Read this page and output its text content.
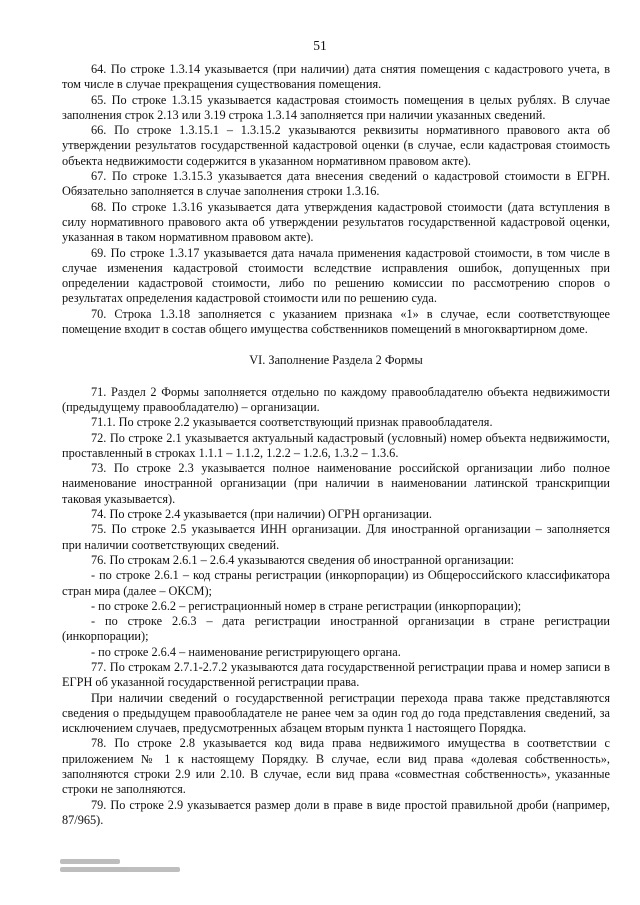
51

64. По строке 1.3.14 указывается (при наличии) дата снятия помещения с кадастрового учета, в том числе в случае прекращения существования помещения.

65. По строке 1.3.15 указывается кадастровая стоимость помещения в целых рублях. В случае заполнения строк 2.13 или 3.19 строка 1.3.14 заполняется при наличии указанных сведений.

66. По строке 1.3.15.1 – 1.3.15.2 указываются реквизиты нормативного правового акта об утверждении результатов государственной кадастровой оценки (в случае, если кадастровая стоимость объекта недвижимости содержится в указанном нормативном правовом акте).

67. По строке 1.3.15.3 указывается дата внесения сведений о кадастровой стоимости в ЕГРН. Обязательно заполняется в случае заполнения строки 1.3.16.

68. По строке 1.3.16 указывается дата утверждения кадастровой стоимости (дата вступления в силу нормативного правового акта об утверждении результатов государственной кадастровой оценки, указанная в таком нормативном правовом акте).

69. По строке 1.3.17 указывается дата начала применения кадастровой стоимости, в том числе в случае изменения кадастровой стоимости вследствие исправления ошибок, допущенных при определении кадастровой стоимости, либо по решению комиссии по рассмотрению споров о результатах определения кадастровой стоимости или по решению суда.

70. Строка 1.3.18 заполняется с указанием признака «1» в случае, если соответствующее помещение входит в состав общего имущества собственников помещений в многоквартирном доме.

VI. Заполнение Раздела 2 Формы

71. Раздел 2 Формы заполняется отдельно по каждому правообладателю объекта недвижимости (предыдущему правообладателю) – организации.

71.1. По строке 2.2 указывается соответствующий признак правообладателя.

72. По строке 2.1 указывается актуальный кадастровый (условный) номер объекта недвижимости, проставленный в строках 1.1.1 – 1.1.2, 1.2.2 – 1.2.6, 1.3.2 – 1.3.6.

73. По строке 2.3 указывается полное наименование российской организации либо полное наименование иностранной организации (при наличии в наименовании латинской транскрипции таковая указывается).

74. По строке 2.4 указывается (при наличии) ОГРН организации.

75. По строке 2.5 указывается ИНН организации. Для иностранной организации – заполняется при наличии соответствующих сведений.

76. По строкам 2.6.1 – 2.6.4 указываются сведения об иностранной организации:

- по строке 2.6.1 – код страны регистрации (инкорпорации) из Общероссийского классификатора стран мира (далее – ОКСМ);

- по строке 2.6.2 – регистрационный номер в стране регистрации (инкорпорации);

- по строке 2.6.3 – дата регистрации иностранной организации в стране регистрации (инкорпорации);

- по строке 2.6.4 – наименование регистрирующего органа.

77. По строкам 2.7.1-2.7.2 указываются дата государственной регистрации права и номер записи в ЕГРН об указанной государственной регистрации права.

При наличии сведений о государственной регистрации перехода права также представляются сведения о предыдущем правообладателе не ранее чем за один год до года представления сведений, за исключением случаев, предусмотренных абзацем вторым пункта 1 настоящего Порядка.

78. По строке 2.8 указывается код вида права недвижимого имущества в соответствии с приложением № 1 к настоящему Порядку. В случае, если вид права «долевая собственность», заполняются строки 2.9 или 2.10. В случае, если вид права «совместная собственность», указанные строки не заполняются.

79. По строке 2.9 указывается размер доли в праве в виде простой правильной дроби (например, 87/965).
